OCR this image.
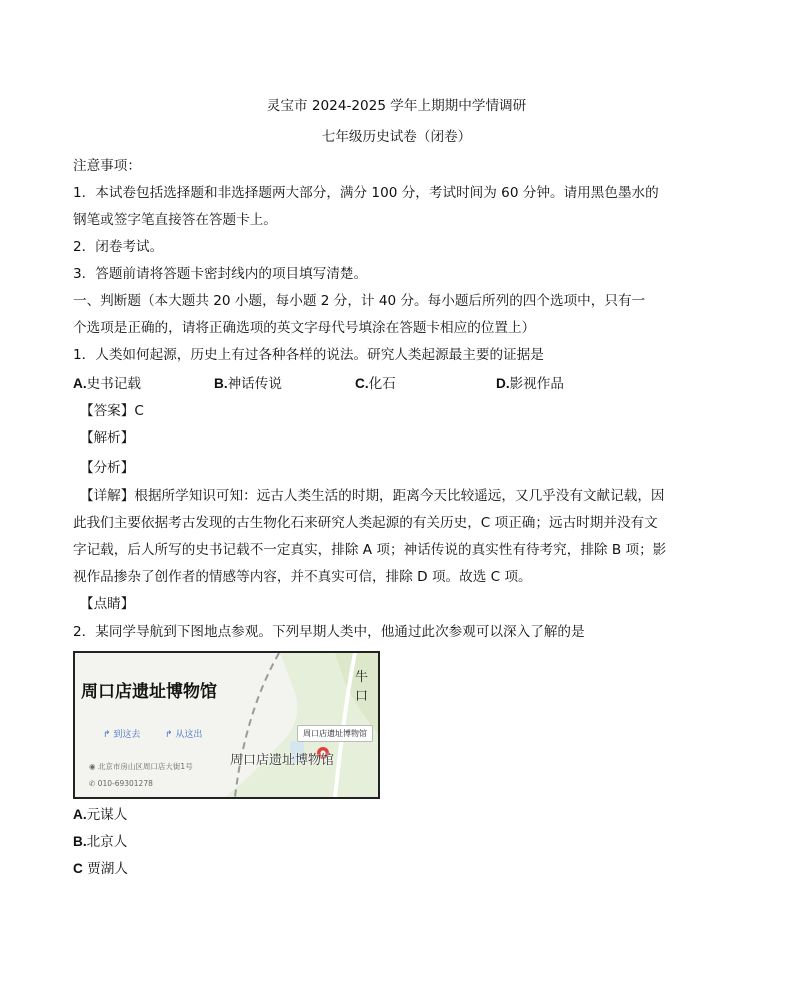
灵宝市 2024-2025 学年上期期中学情调研
七年级历史试卷（闭卷）
注意事项：
1．本试卷包括选择题和非选择题两大部分，满分 100 分，考试时间为 60 分钟。请用黑色墨水的
钢笔或签字笔直接答在答题卡上。
2．闭卷考试。
3．答题前请将答题卡密封线内的项目填写清楚。
一、判断题（本大题共 20 小题，每小题 2 分，计 40 分。每小题后所列的四个选项中，只有一
个选项是正确的，请将正确选项的英文字母代号填涂在答题卡相应的位置上）
1．人类如何起源，历史上有过各种各样的说法。研究人类起源最主要的证据是
A.史书记载	B.神话传说	C.化石	D.影视作品
【答案】C
【解析】
【分析】
【详解】根据所学知识可知：远古人类生活的时期，距离今天比较遥远，又几乎没有文献记载，因
此我们主要依据考古发现的古生物化石来研究人类起源的有关历史，C 项正确；远古时期并没有文
字记载，后人所写的史书记载不一定真实，排除 A 项；神话传说的真实性有待考究，排除 B 项；影
视作品掺杂了创作者的情感等内容，并不真实可信，排除 D 项。故选 C 项。
【点睛】
2．某同学导航到下图地点参观。下列早期人类中，他通过此次参观可以深入了解的是
周口店遗址博物馆
牛口
↱ 到这去	↱ 从这出
◉ 北京市房山区周口店大街1号
✆ 010-69301278
周口店遗址博物馆
周口店遗址博物馆
A.元谋人
B.北京人
C 贾湖人
